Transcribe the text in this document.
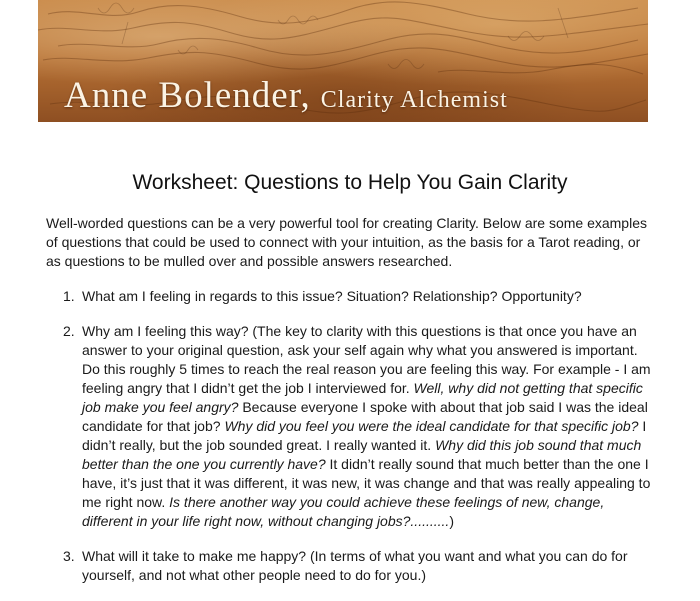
Anne Bolender, Clarity Alchemist
Worksheet: Questions to Help You Gain Clarity
Well-worded questions can be a very powerful tool for creating Clarity. Below are some examples of questions that could be used to connect with your intuition, as the basis for a Tarot reading, or as questions to be mulled over and possible answers researched.
1. What am I feeling in regards to this issue? Situation? Relationship? Opportunity?
2. Why am I feeling this way? (The key to clarity with this questions is that once you have an answer to your original question, ask your self again why what you answered is important. Do this roughly 5 times to reach the real reason you are feeling this way. For example - I am feeling angry that I didn’t get the job I interviewed for. Well, why did not getting that specific job make you feel angry? Because everyone I spoke with about that job said I was the ideal candidate for that job? Why did you feel you were the ideal candidate for that specific job? I didn’t really, but the job sounded great. I really wanted it. Why did this job sound that much better than the one you currently have? It didn’t really sound that much better than the one I have, it’s just that it was different, it was new, it was change and that was really appealing to me right now. Is there another way you could achieve these feelings of new, change, different in your life right now, without changing jobs?..........)
3. What will it take to make me happy? (In terms of what you want and what you can do for yourself, and not what other people need to do for you.)
